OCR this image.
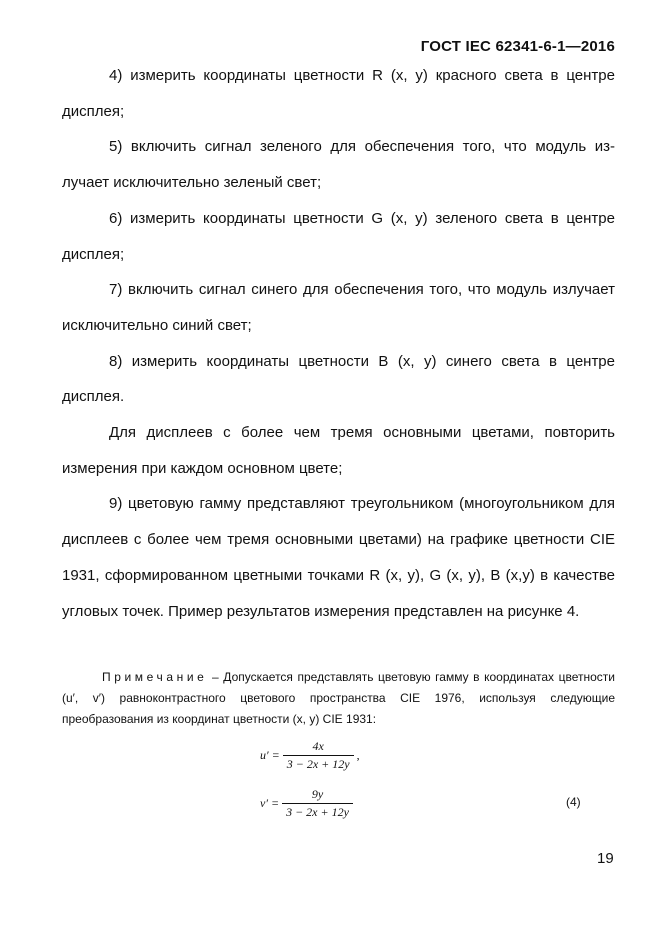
ГОСТ IEC 62341-6-1—2016

4) измерить координаты цветности R (x, y) красного света в центре дисплея;

5) включить сигнал зеленого для обеспечения того, что модуль излучает исключительно зеленый свет;

6) измерить координаты цветности G (x, y) зеленого света в центре дисплея;

7) включить сигнал синего для обеспечения того, что модуль излучает исключительно синий свет;

8) измерить координаты цветности B (x, y) синего света в центре дисплея.

Для дисплеев с более чем тремя основными цветами, повторить измерения при каждом основном цвете;

9) цветовую гамму представляют треугольником (многоугольником для дисплеев с более чем тремя основными цветами) на графике цветности CIE 1931, сформированном цветными точками R (x, y), G (x, y), B (x,y) в качестве угловых точек. Пример результатов измерения представлен на рисунке 4.

Примечание – Допускается представлять цветовую гамму в координатах цветности (u′, v′) равноконтрастного цветового пространства CIE 1976, используя следующие преобразования из координат цветности (x, y) CIE 1931:

$u' = \frac{4x}{3 - 2x + 12y}$ ,
$v' = \frac{9y}{3 - 2x + 12y}$	(4)
19
